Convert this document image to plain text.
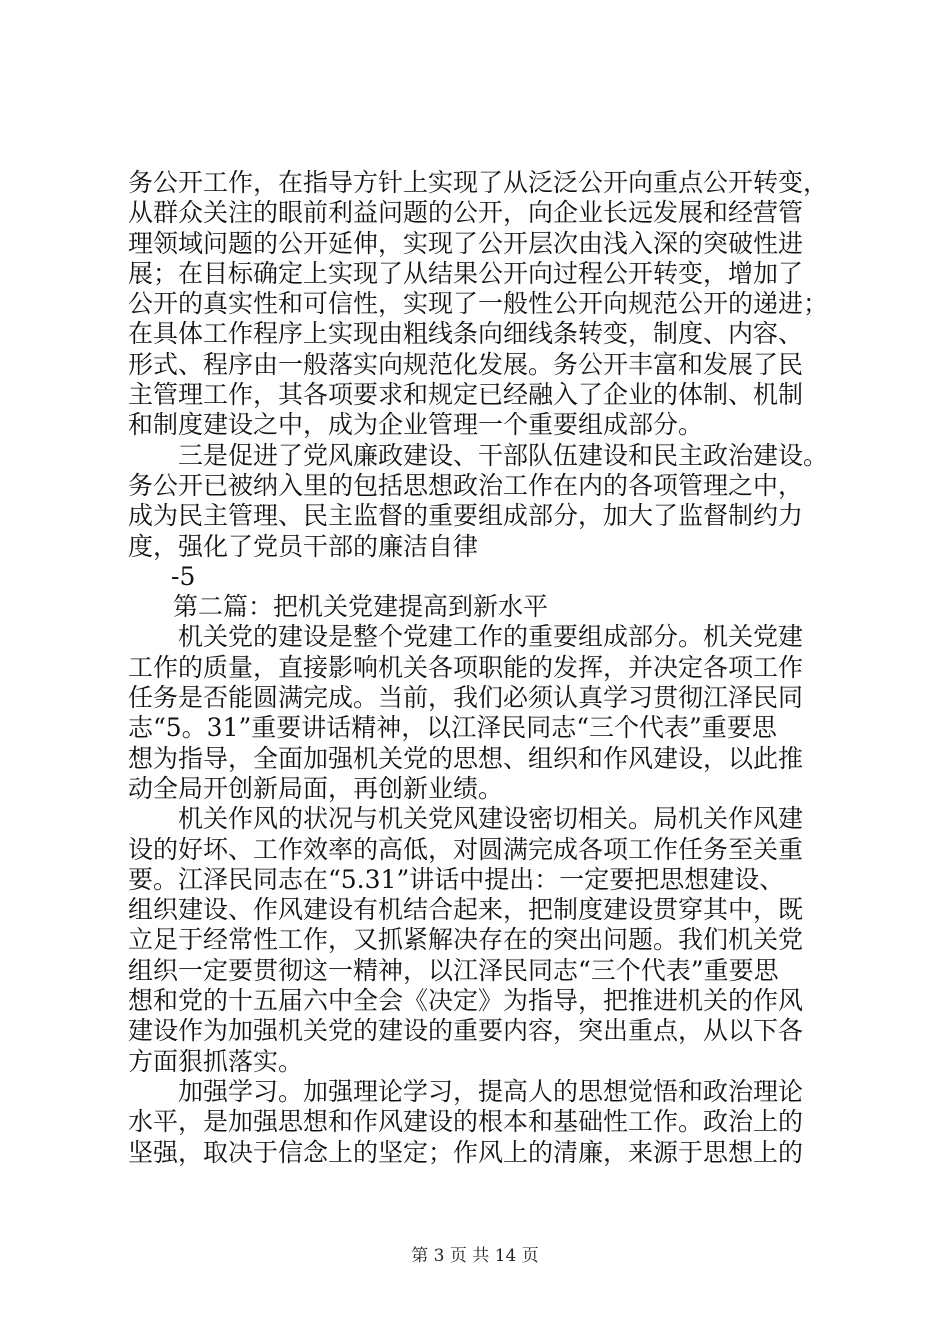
务公开工作，在指导方针上实现了从泛泛公开向重点公开转变，
从群众关注的眼前利益问题的公开，向企业长远发展和经营管
理领域问题的公开延伸，实现了公开层次由浅入深的突破性进
展；在目标确定上实现了从结果公开向过程公开转变，增加了
公开的真实性和可信性，实现了一般性公开向规范公开的递进；
在具体工作程序上实现由粗线条向细线条转变，制度、内容、
形式、程序由一般落实向规范化发展。务公开丰富和发展了民
主管理工作，其各项要求和规定已经融入了企业的体制、机制
和制度建设之中，成为企业管理一个重要组成部分。
三是促进了党风廉政建设、干部队伍建设和民主政治建设。
务公开已被纳入里的包括思想政治工作在内的各项管理之中，
成为民主管理、民主监督的重要组成部分，加大了监督制约力
度，强化了党员干部的廉洁自律
-5
第二篇：把机关党建提高到新水平
机关党的建设是整个党建工作的重要组成部分。机关党建
工作的质量，直接影响机关各项职能的发挥，并决定各项工作
任务是否能圆满完成。当前，我们必须认真学习贯彻江泽民同
志“5。31”重要讲话精神，以江泽民同志“三个代表”重要思
想为指导，全面加强机关党的思想、组织和作风建设，以此推
动全局开创新局面，再创新业绩。
机关作风的状况与机关党风建设密切相关。局机关作风建
设的好坏、工作效率的高低，对圆满完成各项工作任务至关重
要。江泽民同志在“5.31”讲话中提出：一定要把思想建设、
组织建设、作风建设有机结合起来，把制度建设贯穿其中，既
立足于经常性工作，又抓紧解决存在的突出问题。我们机关党
组织一定要贯彻这一精神，以江泽民同志“三个代表”重要思
想和党的十五届六中全会《决定》为指导，把推进机关的作风
建设作为加强机关党的建设的重要内容，突出重点，从以下各
方面狠抓落实。
加强学习。加强理论学习，提高人的思想觉悟和政治理论
水平，是加强思想和作风建设的根本和基础性工作。政治上的
坚强，取决于信念上的坚定；作风上的清廉，来源于思想上的
第 3 页 共 14 页
